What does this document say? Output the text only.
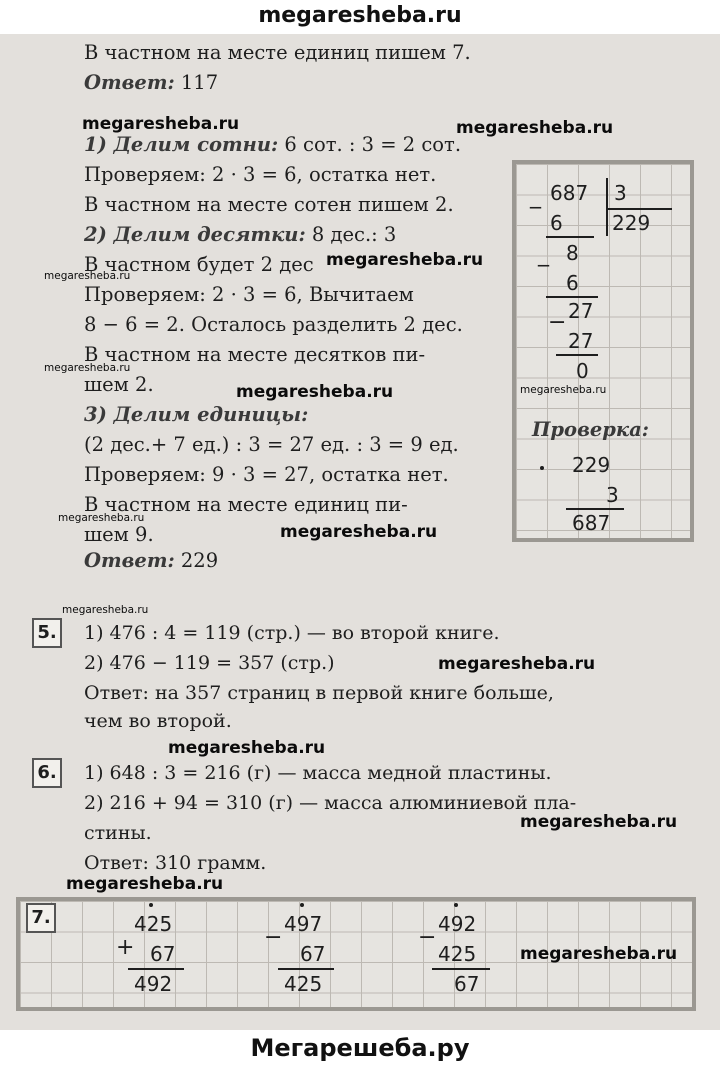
megaresheba.ru
В частном на месте единиц пишем 7.
Ответ: 117
1) Делим сотни: 6 сот. : 3 = 2 сот.
Проверяем: 2 · 3 = 6, остатка нет.
В частном на месте сотен пишем 2.
2) Делим десятки: 8 дес.: 3
В частном будет 2 дес
Проверяем: 2 · 3 = 6, Вычитаем
8 − 6 = 2. Осталось разделить 2 дес.
В частном на месте десятков пи-
шем 2.
3) Делим единицы:
(2 дес.+ 7 ед.) : 3 = 27 ед. : 3 = 9 ед.
Проверяем: 9 · 3 = 27, остатка нет.
В частном на месте единиц пи-
шем 9.
Ответ: 229
_ 687 3
229
6
_ 8
6
− 27
27
0
Проверка:
229
3
687
5. 1) 476 : 4 = 119 (стр.) — во второй книге.
2) 476 − 119 = 357 (стр.)
Ответ: на 357 страниц в первой книге больше,
чем во второй.
6. 1) 648 : 3 = 216 (г) — масса медной пластины.
2) 216 + 94 = 310 (г) — масса алюминиевой пла-
стины.
Ответ: 310 грамм.
7.
+
425
67
492
−
497
67
425
−
492
425
67
megaresheba.ru	megaresheba.ru
megaresheba.ru
megaresheba.ru
megaresheba.ru
megaresheba.ru
megaresheba.ru
megaresheba.ru
megaresheba.ru
megaresheba.ru
megaresheba.ru
megaresheba.ru
megaresheba.ru
megaresheba.ru
megaresheba.ru
Мегарешеба.ру
